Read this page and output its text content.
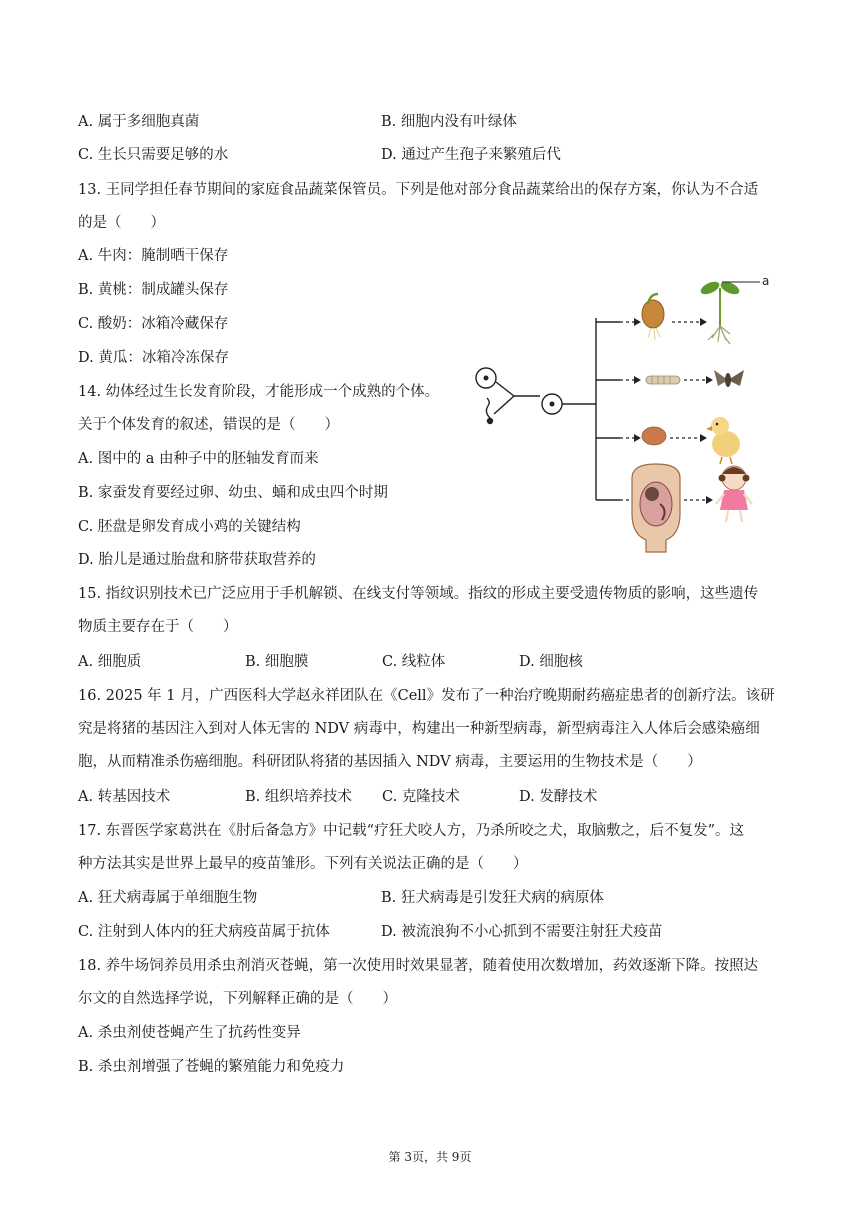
A. 属于多细胞真菌	B. 细胞内没有叶绿体
C. 生长只需要足够的水	D. 通过产生孢子来繁殖后代
13. 王同学担任春节期间的家庭食品蔬菜保管员。下列是他对部分食品蔬菜给出的保存方案，你认为不合适
的是（　　）
A. 牛肉：腌制晒干保存
B. 黄桃：制成罐头保存
C. 酸奶：冰箱冷藏保存
D. 黄瓜：冰箱冷冻保存
14. 幼体经过生长发育阶段，才能形成一个成熟的个体。
关于个体发育的叙述，错误的是（　　）
A. 图中的 a 由种子中的胚轴发育而来
B. 家蚕发育要经过卵、幼虫、蛹和成虫四个时期
C. 胚盘是卵发育成小鸡的关键结构
D. 胎儿是通过胎盘和脐带获取营养的
a
15. 指纹识别技术已广泛应用于手机解锁、在线支付等领域。指纹的形成主要受遗传物质的影响，这些遗传
物质主要存在于（　　）
A. 细胞质	B. 细胞膜	C. 线粒体	D. 细胞核
16. 2025 年 1 月，广西医科大学赵永祥团队在《Cell》发布了一种治疗晚期耐药癌症患者的创新疗法。该研
究是将猪的基因注入到对人体无害的 NDV 病毒中，构建出一种新型病毒，新型病毒注入人体后会感染癌细
胞，从而精准杀伤癌细胞。科研团队将猪的基因插入 NDV 病毒，主要运用的生物技术是（　　）
A. 转基因技术	B. 组织培养技术 C. 克隆技术	D. 发酵技术
17. 东晋医学家葛洪在《肘后备急方》中记载“疗狂犬咬人方，乃杀所咬之犬，取脑敷之，后不复发”。这
种方法其实是世界上最早的疫苗雏形。下列有关说法正确的是（　　）
A. 狂犬病毒属于单细胞生物	B. 狂犬病毒是引发狂犬病的病原体
C. 注射到人体内的狂犬病疫苗属于抗体	D. 被流浪狗不小心抓到不需要注射狂犬疫苗
18. 养牛场饲养员用杀虫剂消灭苍蝇，第一次使用时效果显著，随着使用次数增加，药效逐渐下降。按照达
尔文的自然选择学说，下列解释正确的是（　　）
A. 杀虫剂使苍蝇产生了抗药性变异
B. 杀虫剂增强了苍蝇的繁殖能力和免疫力
第 3页，共 9页
